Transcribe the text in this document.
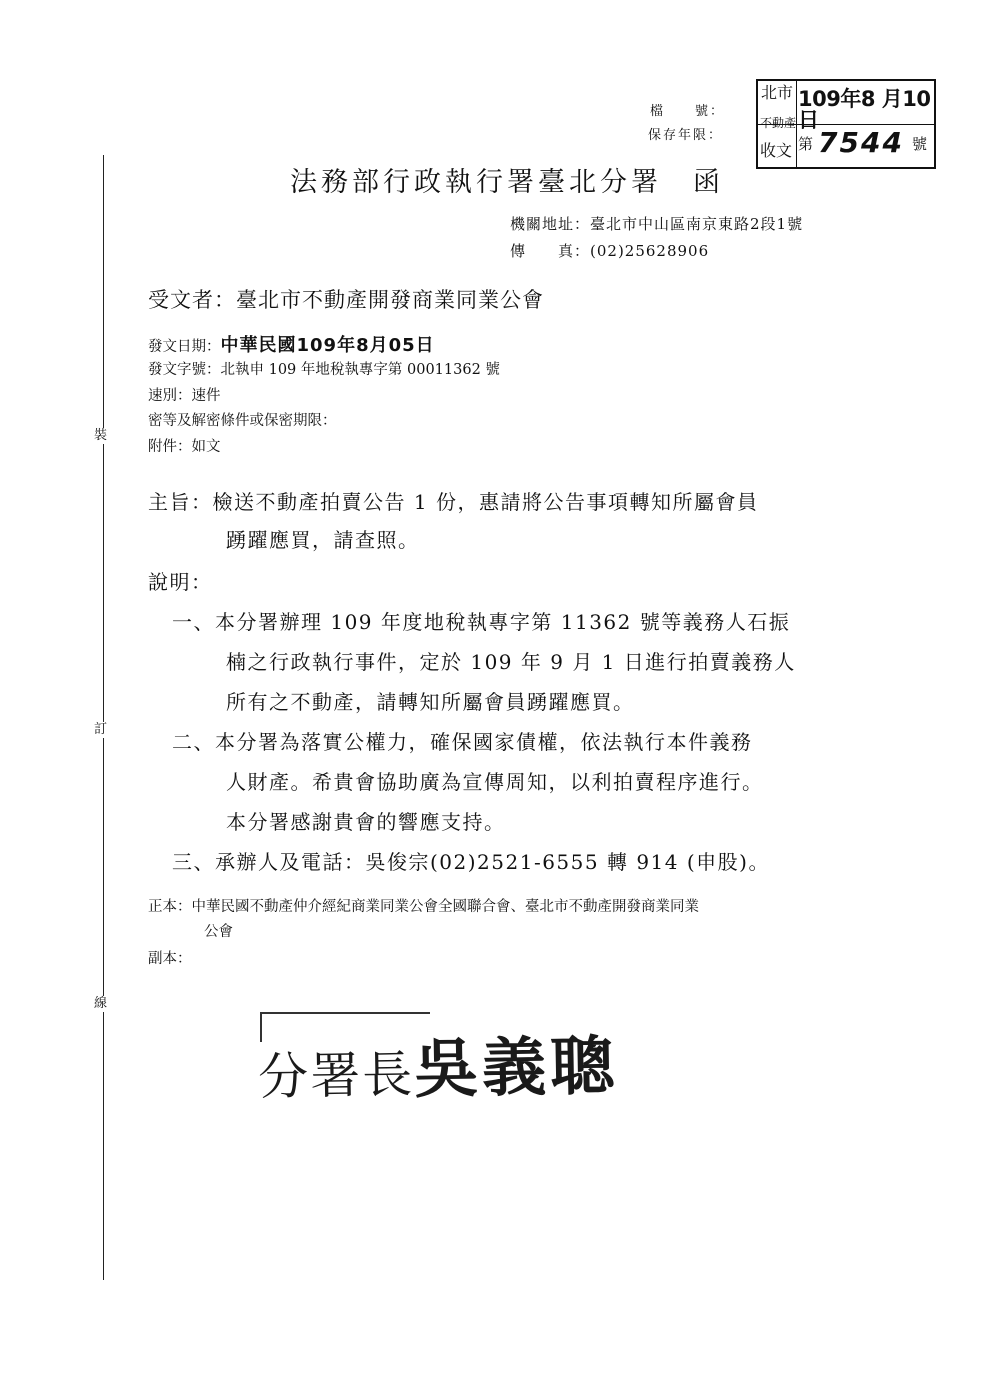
裝
訂
線
檔　　號：
保存年限：
北市 109年8 月10日
不動產
收文 第 7544 號
法務部行政執行署臺北分署　函
機關地址：臺北市中山區南京東路2段1號
傳　　真：(02)25628906
受文者：臺北市不動產開發商業同業公會
發文日期：中華民國109年8月05日
發文字號：北執申 109 年地稅執專字第 00011362 號
速別：速件
密等及解密條件或保密期限：
附件：如文
主旨：檢送不動產拍賣公告 1 份，惠請將公告事項轉知所屬會員
踴躍應買，請查照。
說明：
一、本分署辦理 109 年度地稅執專字第 11362 號等義務人石振
楠之行政執行事件，定於 109 年 9 月 1 日進行拍賣義務人
所有之不動產，請轉知所屬會員踴躍應買。
二、本分署為落實公權力，確保國家債權，依法執行本件義務
人財產。希貴會協助廣為宣傳周知，以利拍賣程序進行。
本分署感謝貴會的響應支持。
三、承辦人及電話：吳俊宗(02)2521-6555 轉 914 (申股)。
正本：中華民國不動產仲介經紀商業同業公會全國聯合會、臺北市不動產開發商業同業
公會
副本：
分署長吳義聰
